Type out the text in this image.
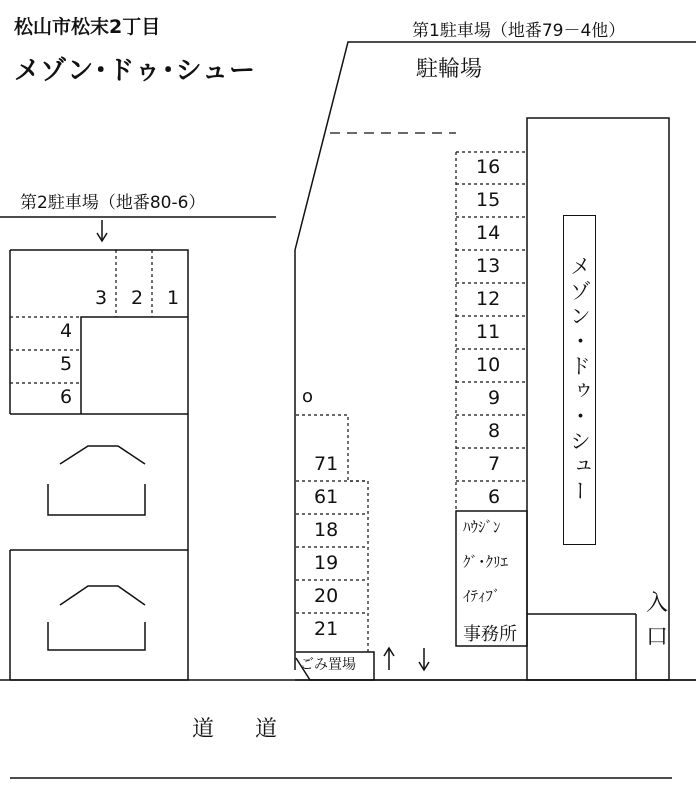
松山市松末2丁目
メゾン･ドゥ･シュー
第1駐車場（地番79－4他）
駐輪場
第2駐車場（地番80-6）
メゾン・ドゥ・シュー
ﾊｳｼﾞﾝ
ｸﾞ･ｸﾘｴ
ｲﾃｨﾌﾞ
事務所
入
口
道 道
ごみ置場
o
3 2 1
4
5
6
16
15
14
13
12
11
10
9
8
7
6
71
61
18
19
20
21
